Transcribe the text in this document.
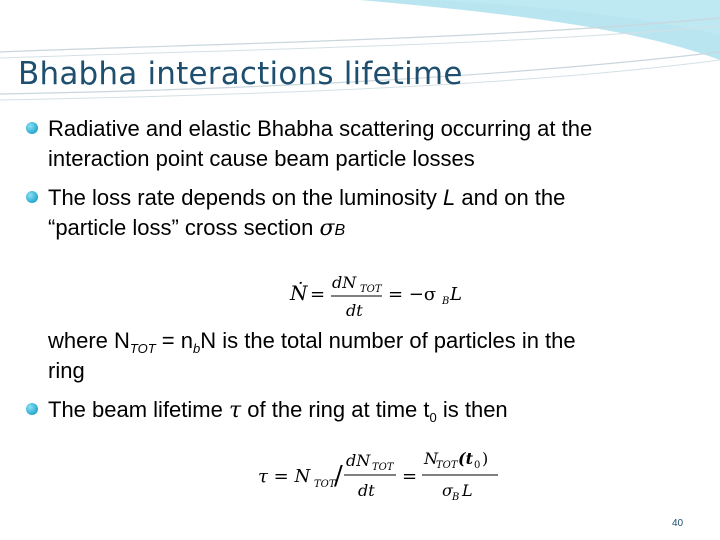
Bhabha interactions lifetime
Radiative and elastic Bhabha scattering occurring at the
interaction point cause beam particle losses
The loss rate depends on the luminosity L and on the
“particle loss” cross section σB
Ṅ =
dN TOT
dt
= −σ B L
where $N_{TOT} = n_bN$ is the total number of particles in the
ring
The beam lifetime τ of the ring at time $t_0$ is then
τ = N TOT
/
dN TOT
dt
=
N
TOT (t 0 )
σ B L
40
